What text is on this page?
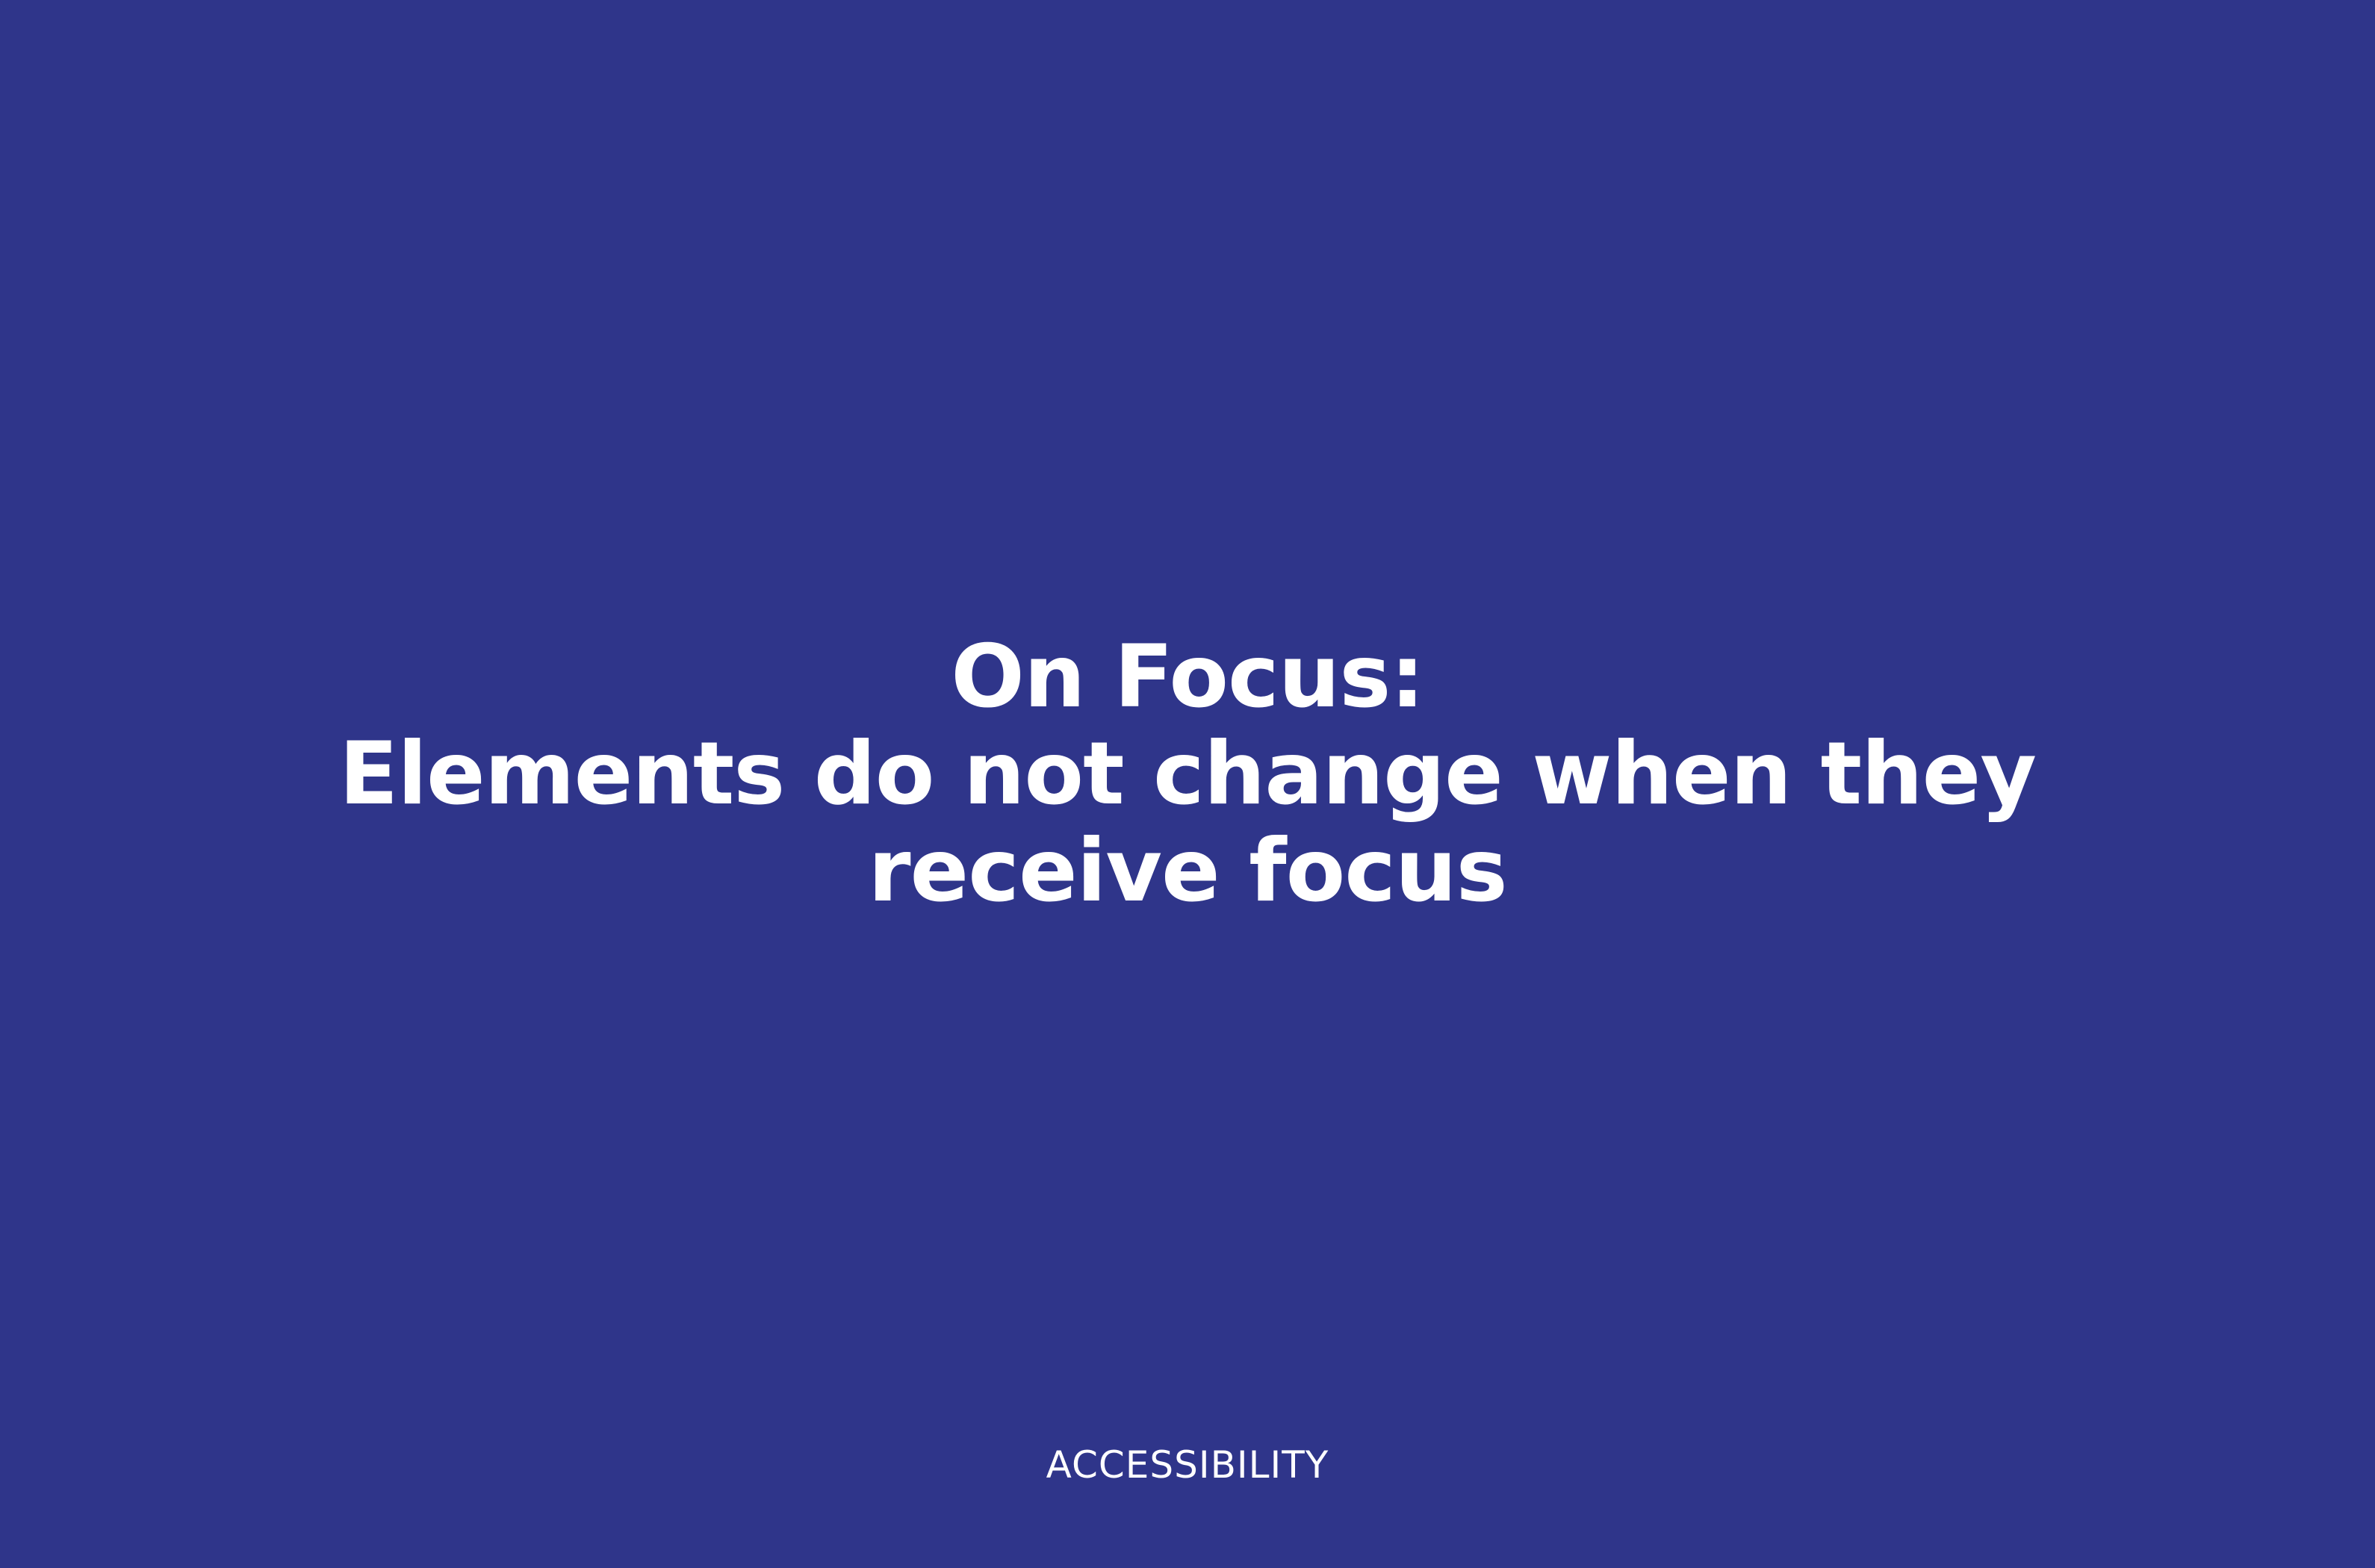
On Focus:
Elements do not change when they
receive focus
ACCESSIBILITY
